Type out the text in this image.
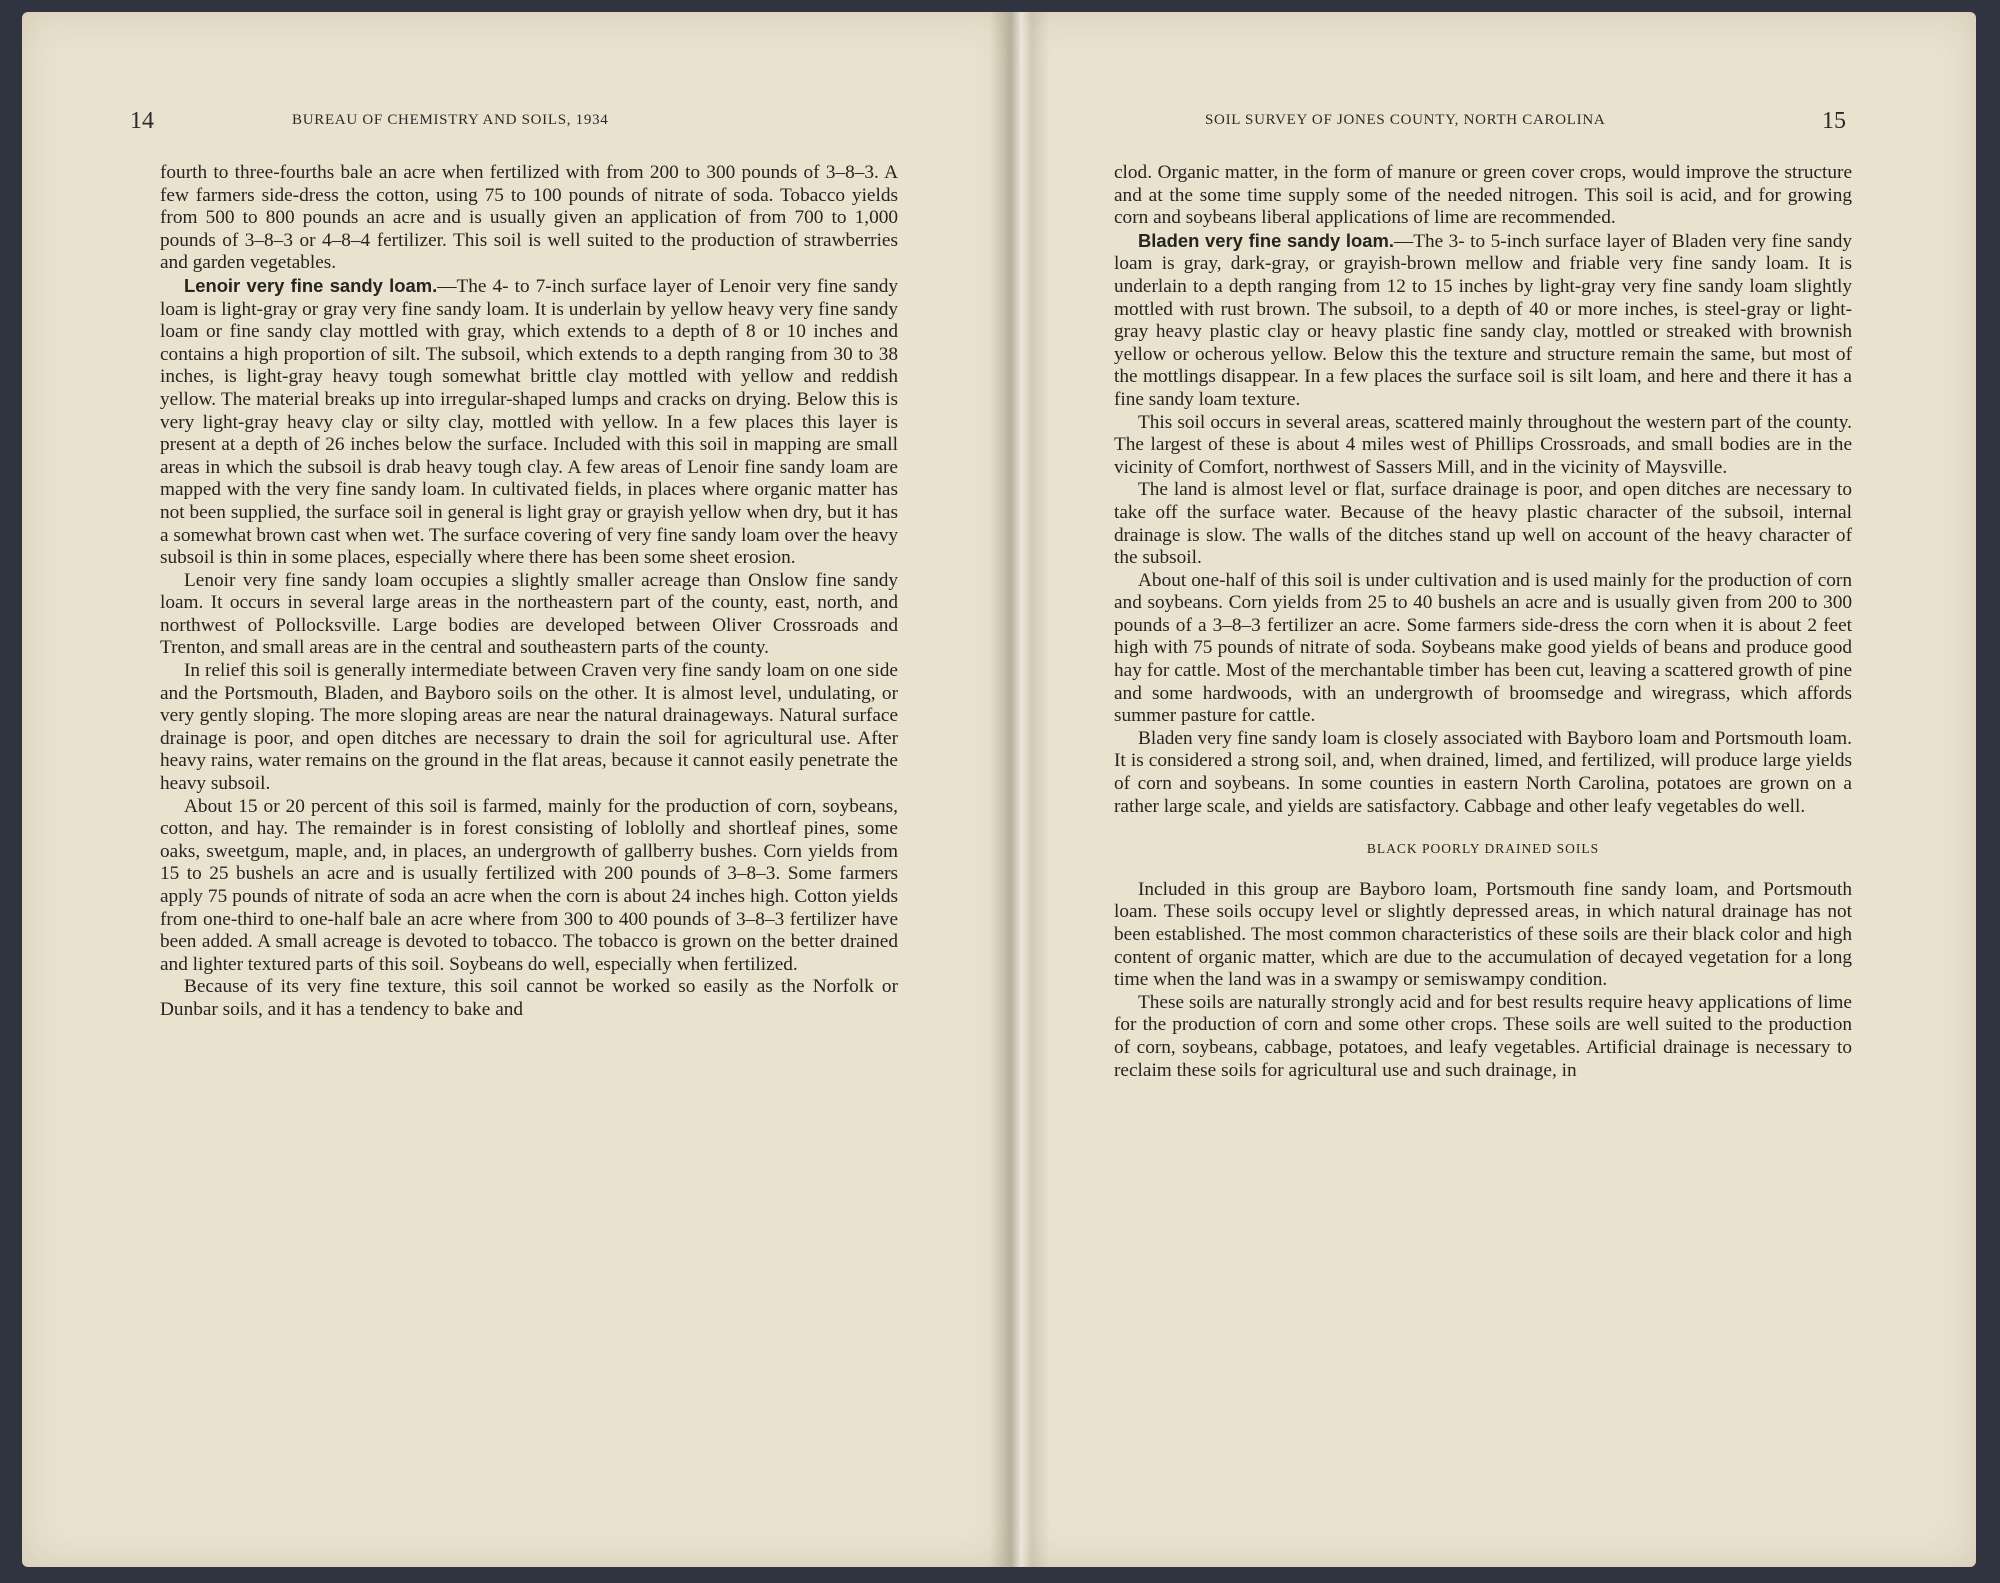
14	BUREAU OF CHEMISTRY AND SOILS, 1934

fourth to three-fourths bale an acre when fertilized with from 200 to 300 pounds of 3–8–3. A few farmers side-dress the cotton, using 75 to 100 pounds of nitrate of soda. Tobacco yields from 500 to 800 pounds an acre and is usually given an application of from 700 to 1,000 pounds of 3–8–3 or 4–8–4 fertilizer. This soil is well suited to the production of strawberries and garden vegetables.

Lenoir very fine sandy loam.—The 4- to 7-inch surface layer of Lenoir very fine sandy loam is light-gray or gray very fine sandy loam. It is underlain by yellow heavy very fine sandy loam or fine sandy clay mottled with gray, which extends to a depth of 8 or 10 inches and contains a high proportion of silt. The subsoil, which extends to a depth ranging from 30 to 38 inches, is light-gray heavy tough somewhat brittle clay mottled with yellow and reddish yellow. The material breaks up into irregular-shaped lumps and cracks on drying. Below this is very light-gray heavy clay or silty clay, mottled with yellow. In a few places this layer is present at a depth of 26 inches below the surface. Included with this soil in mapping are small areas in which the subsoil is drab heavy tough clay. A few areas of Lenoir fine sandy loam are mapped with the very fine sandy loam. In cultivated fields, in places where organic matter has not been supplied, the surface soil in general is light gray or grayish yellow when dry, but it has a somewhat brown cast when wet. The surface covering of very fine sandy loam over the heavy subsoil is thin in some places, especially where there has been some sheet erosion.

Lenoir very fine sandy loam occupies a slightly smaller acreage than Onslow fine sandy loam. It occurs in several large areas in the northeastern part of the county, east, north, and northwest of Pollocksville. Large bodies are developed between Oliver Crossroads and Trenton, and small areas are in the central and southeastern parts of the county.

In relief this soil is generally intermediate between Craven very fine sandy loam on one side and the Portsmouth, Bladen, and Bayboro soils on the other. It is almost level, undulating, or very gently sloping. The more sloping areas are near the natural drainageways. Natural surface drainage is poor, and open ditches are necessary to drain the soil for agricultural use. After heavy rains, water remains on the ground in the flat areas, because it cannot easily penetrate the heavy subsoil.

About 15 or 20 percent of this soil is farmed, mainly for the production of corn, soybeans, cotton, and hay. The remainder is in forest consisting of loblolly and shortleaf pines, some oaks, sweetgum, maple, and, in places, an undergrowth of gallberry bushes. Corn yields from 15 to 25 bushels an acre and is usually fertilized with 200 pounds of 3–8–3. Some farmers apply 75 pounds of nitrate of soda an acre when the corn is about 24 inches high. Cotton yields from one-third to one-half bale an acre where from 300 to 400 pounds of 3–8–3 fertilizer have been added. A small acreage is devoted to tobacco. The tobacco is grown on the better drained and lighter textured parts of this soil. Soybeans do well, especially when fertilized.

Because of its very fine texture, this soil cannot be worked so easily as the Norfolk or Dunbar soils, and it has a tendency to bake and

15
SOIL SURVEY OF JONES COUNTY, NORTH CAROLINA

clod. Organic matter, in the form of manure or green cover crops, would improve the structure and at the some time supply some of the needed nitrogen. This soil is acid, and for growing corn and soybeans liberal applications of lime are recommended.

Bladen very fine sandy loam.—The 3- to 5-inch surface layer of Bladen very fine sandy loam is gray, dark-gray, or grayish-brown mellow and friable very fine sandy loam. It is underlain to a depth ranging from 12 to 15 inches by light-gray very fine sandy loam slightly mottled with rust brown. The subsoil, to a depth of 40 or more inches, is steel-gray or light-gray heavy plastic clay or heavy plastic fine sandy clay, mottled or streaked with brownish yellow or ocherous yellow. Below this the texture and structure remain the same, but most of the mottlings disappear. In a few places the surface soil is silt loam, and here and there it has a fine sandy loam texture.

This soil occurs in several areas, scattered mainly throughout the western part of the county. The largest of these is about 4 miles west of Phillips Crossroads, and small bodies are in the vicinity of Comfort, northwest of Sassers Mill, and in the vicinity of Maysville.

The land is almost level or flat, surface drainage is poor, and open ditches are necessary to take off the surface water. Because of the heavy plastic character of the subsoil, internal drainage is slow. The walls of the ditches stand up well on account of the heavy character of the subsoil.

About one-half of this soil is under cultivation and is used mainly for the production of corn and soybeans. Corn yields from 25 to 40 bushels an acre and is usually given from 200 to 300 pounds of a 3–8–3 fertilizer an acre. Some farmers side-dress the corn when it is about 2 feet high with 75 pounds of nitrate of soda. Soybeans make good yields of beans and produce good hay for cattle. Most of the merchantable timber has been cut, leaving a scattered growth of pine and some hardwoods, with an undergrowth of broomsedge and wiregrass, which affords summer pasture for cattle.

Bladen very fine sandy loam is closely associated with Bayboro loam and Portsmouth loam. It is considered a strong soil, and, when drained, limed, and fertilized, will produce large yields of corn and soybeans. In some counties in eastern North Carolina, potatoes are grown on a rather large scale, and yields are satisfactory. Cabbage and other leafy vegetables do well.

BLACK POORLY DRAINED SOILS

Included in this group are Bayboro loam, Portsmouth fine sandy loam, and Portsmouth loam. These soils occupy level or slightly depressed areas, in which natural drainage has not been established. The most common characteristics of these soils are their black color and high content of organic matter, which are due to the accumulation of decayed vegetation for a long time when the land was in a swampy or semiswampy condition.

These soils are naturally strongly acid and for best results require heavy applications of lime for the production of corn and some other crops. These soils are well suited to the production of corn, soybeans, cabbage, potatoes, and leafy vegetables. Artificial drainage is necessary to reclaim these soils for agricultural use and such drainage, in
